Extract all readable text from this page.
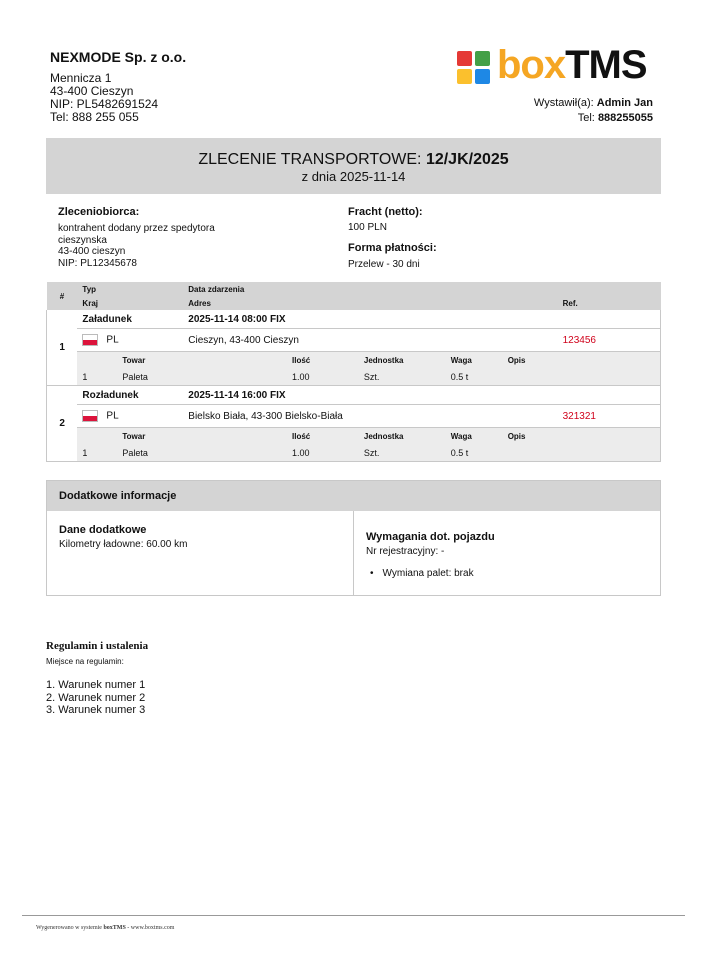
NEXMODE Sp. z o.o.
Mennicza 1
43-400 Cieszyn
NIP: PL5482691524
Tel: 888 255 055
boxTMS
Wystawił(a): Admin Jan
Tel: 888255055
ZLECENIE TRANSPORTOWE: 12/JK/2025
z dnia 2025-11-14
Zleceniobiorca:
kontrahent dodany przez spedytora
cieszynska
43-400 cieszyn
NIP: PL12345678
Fracht (netto):
100 PLN
Forma płatności:
Przelew - 30 dni
#	Typ		Data zdarzenia					
	Kraj		Adres					Ref.
1	Załadunek		2025-11-14 08:00 FIX					
	PL		Cieszyn, 43-400 Cieszyn					123456
		Towar		Ilość	Jednostka	Waga	Opis	
	1	Paleta		1.00	Szt.	0.5 t		
2	Rozładunek		2025-11-14 16:00 FIX					
	PL		Bielsko Biała, 43-300 Bielsko-Biała					321321
		Towar		Ilość	Jednostka	Waga	Opis	
	1	Paleta		1.00	Szt.	0.5 t		
Dodatkowe informacje
Dane dodatkowe
Kilometry ładowne: 60.00 km
Wymagania dot. pojazdu
Nr rejestracyjny: -
• Wymiana palet: brak
Regulamin i ustalenia
Miejsce na regulamin:
1. Warunek numer 1
2. Warunek numer 2
3. Warunek numer 3
Wygenerowano w systemie boxTMS - www.boxtms.com
